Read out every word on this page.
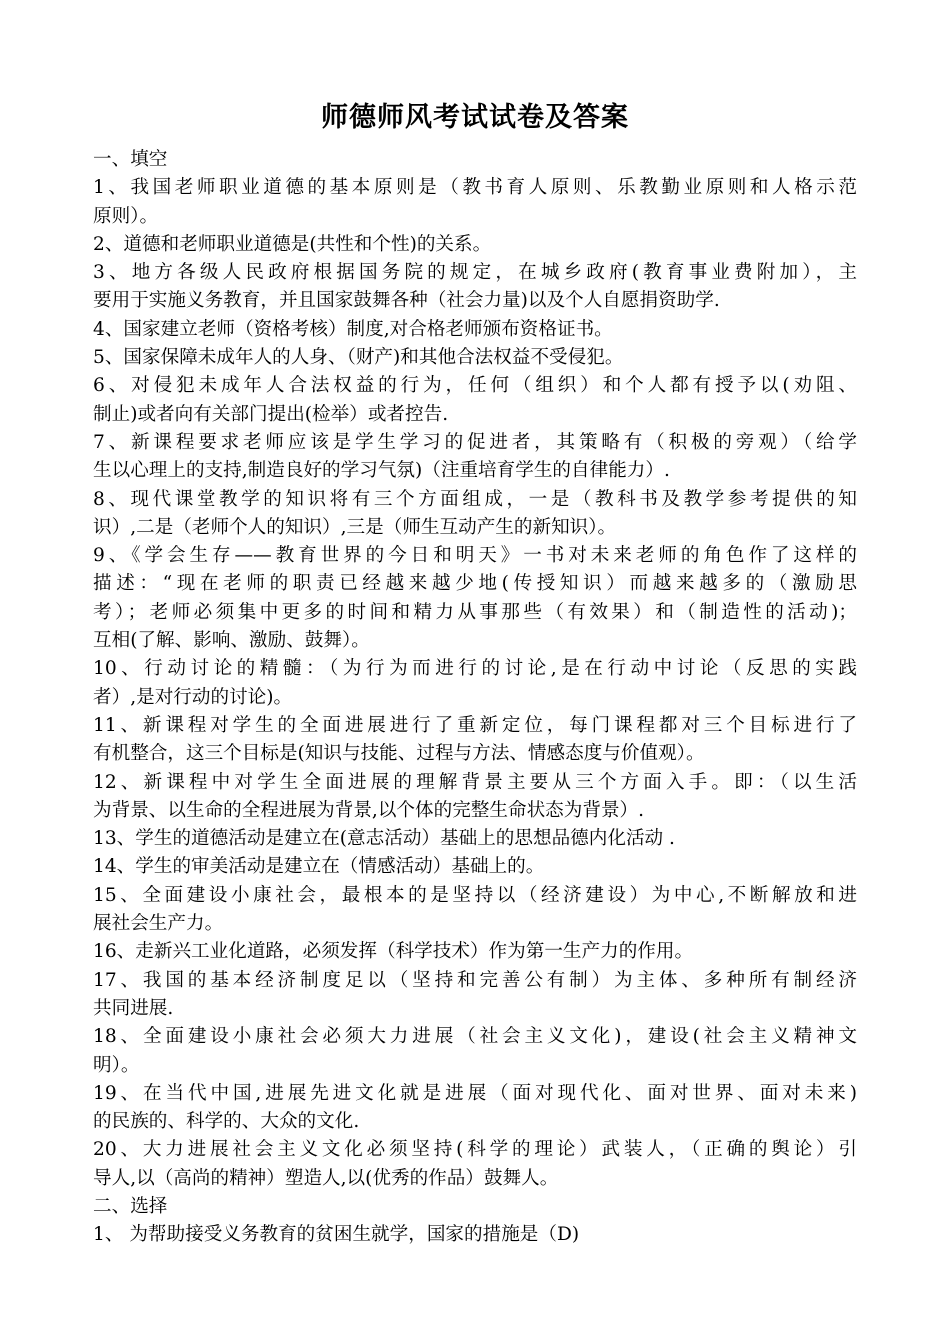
师德师风考试试卷及答案
一、填空
1、我国老师职业道德的基本原则是（教书育人原则、乐教勤业原则和人格示范
原则）。
2、道德和老师职业道德是(共性和个性)的关系。
3、地方各级人民政府根据国务院的规定，在城乡政府(教育事业费附加），主
要用于实施义务教育，并且国家鼓舞各种（社会力量)以及个人自愿捐资助学.
4、国家建立老师（资格考核）制度,对合格老师颁布资格证书。
5、国家保障未成年人的人身、（财产)和其他合法权益不受侵犯。
6、对侵犯未成年人合法权益的行为，任何（组织）和个人都有授予以(劝阻、
制止)或者向有关部门提出(检举）或者控告.
7、新课程要求老师应该是学生学习的促进者，其策略有（积极的旁观）（给学
生以心理上的支持,制造良好的学习气氛)（注重培育学生的自律能力）.
8、现代课堂教学的知识将有三个方面组成，一是（教科书及教学参考提供的知
识）,二是（老师个人的知识）,三是（师生互动产生的新知识）。
9、《学会生存——教育世界的今日和明天》一书对未来老师的角色作了这样的
描述：“现在老师的职责已经越来越少地(传授知识）而越来越多的（激励思
考）；老师必须集中更多的时间和精力从事那些（有效果）和（制造性的活动)；
互相(了解、影响、激励、鼓舞）。
10、行动讨论的精髓：（为行为而进行的讨论,是在行动中讨论（反思的实践
者）,是对行动的讨论)。
11、新课程对学生的全面进展进行了重新定位，每门课程都对三个目标进行了
有机整合，这三个目标是(知识与技能、过程与方法、情感态度与价值观）。
12、新课程中对学生全面进展的理解背景主要从三个方面入手。即：（以生活
为背景、以生命的全程进展为背景,以个体的完整生命状态为背景）.
13、学生的道德活动是建立在(意志活动）基础上的思想品德内化活动 .
14、学生的审美活动是建立在（情感活动）基础上的。
15、全面建设小康社会，最根本的是坚持以（经济建设）为中心,不断解放和进
展社会生产力。
16、走新兴工业化道路，必须发挥（科学技术）作为第一生产力的作用。
17、我国的基本经济制度足以（坚持和完善公有制）为主体、多种所有制经济
共同进展.
18、全面建设小康社会必须大力进展（社会主义文化)，建设(社会主义精神文
明）。
19、在当代中国,进展先进文化就是进展（面对现代化、面对世界、面对未来)
的民族的、科学的、大众的文化.
20、大力进展社会主义文化必须坚持(科学的理论）武装人，（正确的舆论）引
导人,以（高尚的精神）塑造人,以(优秀的作品）鼓舞人。
二、选择
1、 为帮助接受义务教育的贫困生就学，国家的措施是（D)
